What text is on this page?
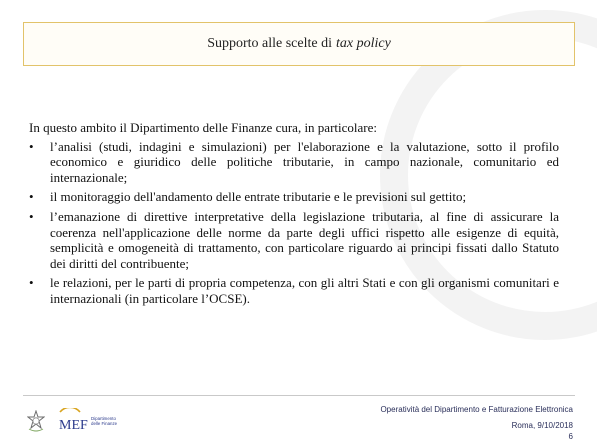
Supporto alle scelte di tax policy

In questo ambito il Dipartimento delle Finanze cura, in particolare:

•	l’analisi (studi, indagini e simulazioni) per l'elaborazione e la valutazione, sotto il profilo economico e giuridico delle politiche tributarie, in campo nazionale, comunitario ed internazionale;
•	il monitoraggio dell'andamento delle entrate tributarie e le previsioni sul gettito;
•	l’emanazione di direttive interpretative della legislazione tributaria, al fine di assicurare la coerenza nell'applicazione delle norme da parte degli uffici rispetto alle esigenze di equità, semplicità e omogeneità di trattamento, con particolare riguardo ai principi fissati dallo Statuto dei diritti del contribuente;
•	le relazioni, per le parti di propria competenza, con gli altri Stati e con gli organismi comunitari e internazionali (in particolare l’OCSE).
MEF Dipartimento
delle Finanze
Operatività del Dipartimento e Fatturazione Elettronica
Roma, 9/10/2018
6
